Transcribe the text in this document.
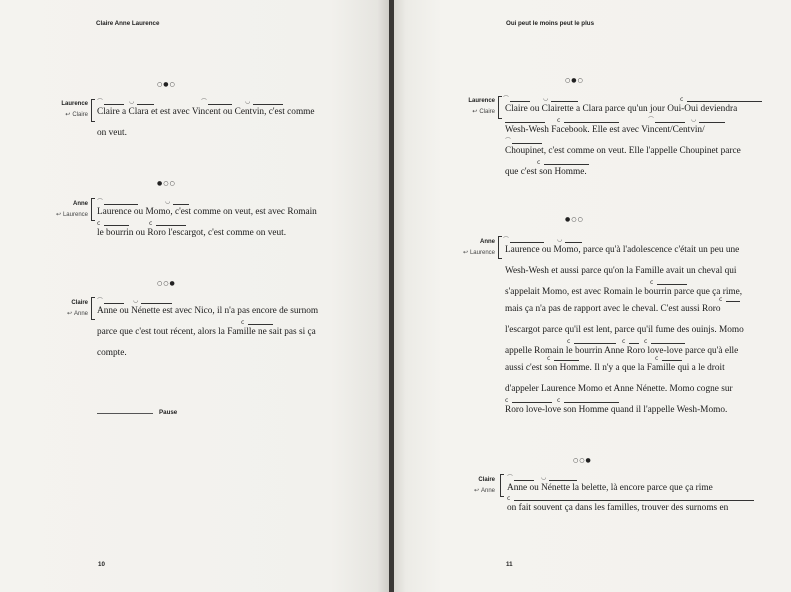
Claire Anne Laurence
○●○
Laurence
↩ Claire
⌒	◡	⌒	◡
Claire a Clara et est avec Vincent ou Centvin, c'est comme
on veut.
●○○
Anne
↩ Laurence
⌒	◡
Laurence ou Momo, c'est comme on veut, est avec Romain
ϲ	ϲ
le bourrin ou Roro l'escargot, c'est comme on veut.
○○●
Claire
↩ Anne
⌒	◡
Anne ou Nénette est avec Nico, il n'a pas encore de surnom
ϲ
parce que c'est tout récent, alors la Famille ne sait pas si ça
compte.
Pause
10
Oui peut le moins peut le plus
○●○
Laurence
↩ Claire
⌒	◡	ϲ
Claire ou Clairette a Clara parce qu'un jour Oui-Oui deviendra
ϲ	⌒	◡
Wesh-Wesh Facebook. Elle est avec Vincent/Centvin/
⌒
Choupinet, c'est comme on veut. Elle l'appelle Choupinet parce
ϲ
que c'est son Homme.
●○○
Anne
↩ Laurence
⌒	◡
Laurence ou Momo, parce qu'à l'adolescence c'était un peu une
Wesh-Wesh et aussi parce qu'on la Famille avait un cheval qui
ϲ
s'appelait Momo, est avec Romain le bourrin parce que ça rime,
ϲ
mais ça n'a pas de rapport avec le cheval. C'est aussi Roro
l'escargot parce qu'il est lent, parce qu'il fume des ouinjs. Momo
ϲ	ϲ	ϲ
appelle Romain le bourrin Anne Roro love-love parce qu'à elle
ϲ	ϲ
aussi c'est son Homme. Il n'y a que la Famille qui a le droit
d'appeler Laurence Momo et Anne Nénette. Momo cogne sur
ϲ	ϲ
Roro love-love son Homme quand il l'appelle Wesh-Momo.
○○●
Claire
↩ Anne
⌒	◡
Anne ou Nénette la belette, là encore parce que ça rime
ϲ
on fait souvent ça dans les familles, trouver des surnoms en
11
